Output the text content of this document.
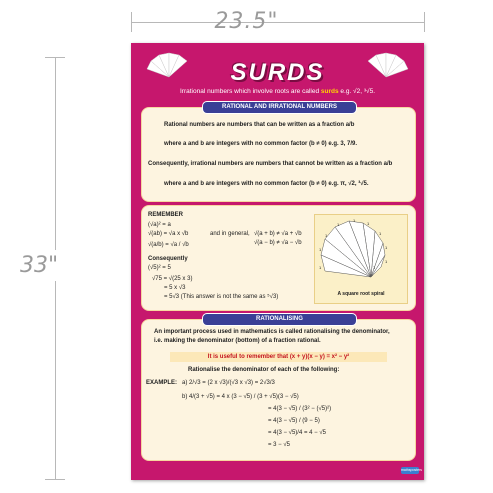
23.5"
33"
SURDS
Irrational numbers which involve roots are called surds e.g. √2, ³√5.
RATIONAL AND IRRATIONAL NUMBERS
Rational numbers are numbers that can be written as a fraction a/b
where a and b are integers with no common factor (b ≠ 0) e.g. 3, 7/9.
Consequently, irrational numbers are numbers that cannot be written as a fraction a/b
where a and b are integers with no common factor (b ≠ 0) e.g. π, √2, ³√5.
REMEMBER
(√a)² = a
√(ab) = √a x √b
√(a/b) = √a / √b
and in general, √(a + b) ≠ √a + √b
√(a − b) ≠ √a − √b
Consequently
(√5)² = 5
√75 = √(25 x 3)
= 5 x √3
= 5√3 (This answer is not the same as ⁵√3)
1
1
1
1
1
1
1
1
1
1
A square root spiral
RATIONALISING
An important process used in mathematics is called rationalising the denominator,
i.e. making the denominator (bottom) of a fraction rational.
It is useful to remember that (x + y)(x − y) = x² − y²
Rationalise the denominator of each of the following:
EXAMPLE: a) 2/√3 = (2 x √3)/(√3 x √3) = 2√3/3
b) 4/(3 + √5) = 4 x (3 − √5) / (3 + √5)(3 − √5)
= 4(3 − √5) / (3² − (√5)²)
= 4(3 − √5) / (9 − 5)
= 4(3 − √5)/4 = 4 − √5
= 3 − √5
mathsposters
